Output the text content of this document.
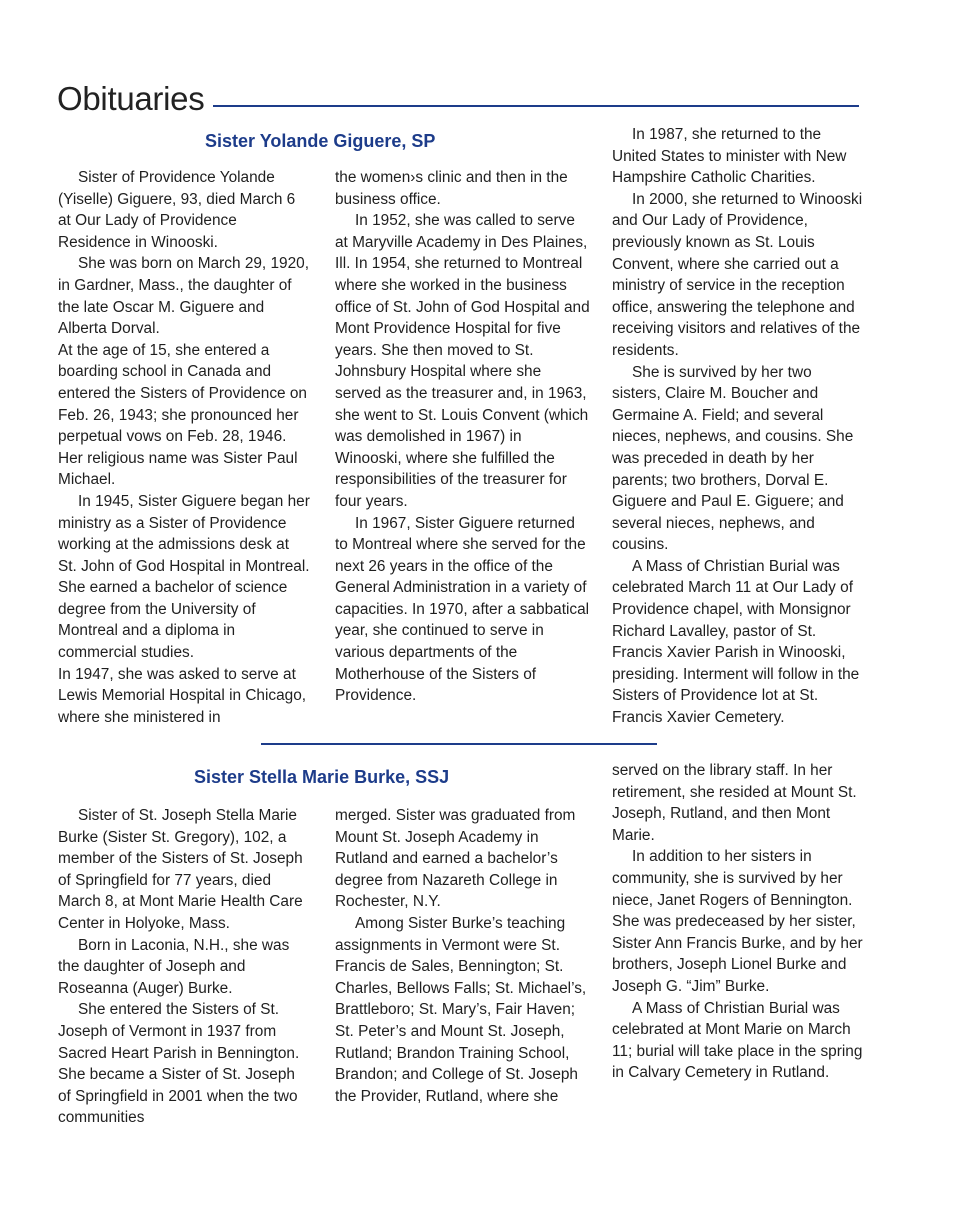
Obituaries
Sister Yolande Giguere, SP

Sister of Providence Yolande (Yiselle) Giguere, 93, died March 6 at Our Lady of Providence Residence in Winooski.

She was born on March 29, 1920, in Gardner, Mass., the daughter of the late Oscar M. Giguere and Alberta Dorval.

At the age of 15, she entered a boarding school in Canada and entered the Sisters of Providence on Feb. 26, 1943; she pronounced her perpetual vows on Feb. 28, 1946. Her religious name was Sister Paul Michael.

In 1945, Sister Giguere began her ministry as a Sister of Providence working at the admissions desk at St. John of God Hospital in Montreal. She earned a bachelor of science degree from the University of Montreal and a diploma in commercial studies.

In 1947, she was asked to serve at Lewis Memorial Hospital in Chicago, where she ministered in

the women›s clinic and then in the business office.

In 1952, she was called to serve at Maryville Academy in Des Plaines, Ill. In 1954, she returned to Montreal where she worked in the business office of St. John of God Hospital and Mont Providence Hospital for five years. She then moved to St. Johnsbury Hospital where she served as the treasurer and, in 1963, she went to St. Louis Convent (which was demolished in 1967) in Winooski, where she fulfilled the responsibilities of the treasurer for four years.

In 1967, Sister Giguere returned to Montreal where she served for the next 26 years in the office of the General Administration in a variety of capacities. In 1970, after a sabbatical year, she continued to serve in various departments of the Motherhouse of the Sisters of Providence.

In 1987, she returned to the United States to minister with New Hampshire Catholic Charities.

In 2000, she returned to Winooski and Our Lady of Providence, previously known as St. Louis Convent, where she carried out a ministry of service in the reception office, answering the telephone and receiving visitors and relatives of the residents.

She is survived by her two sisters, Claire M. Boucher and Germaine A. Field; and several nieces, nephews, and cousins. She was preceded in death by her parents; two brothers, Dorval E. Giguere and Paul E. Giguere; and several nieces, nephews, and cousins.

A Mass of Christian Burial was celebrated March 11 at Our Lady of Providence chapel, with Monsignor Richard Lavalley, pastor of St. Francis Xavier Parish in Winooski, presiding. Interment will follow in the Sisters of Providence lot at St. Francis Xavier Cemetery.

Sister Stella Marie Burke, SSJ

Sister of St. Joseph Stella Marie Burke (Sister St. Gregory), 102, a member of the Sisters of St. Joseph of Springfield for 77 years, died March 8, at Mont Marie Health Care Center in Holyoke, Mass.

Born in Laconia, N.H., she was the daughter of Joseph and Roseanna (Auger) Burke.

She entered the Sisters of St. Joseph of Vermont in 1937 from Sacred Heart Parish in Bennington. She became a Sister of St. Joseph of Springfield in 2001 when the two communities

merged. Sister was graduated from Mount St. Joseph Academy in Rutland and earned a bachelor’s degree from Nazareth College in Rochester, N.Y.

Among Sister Burke’s teaching assignments in Vermont were St. Francis de Sales, Bennington; St. Charles, Bellows Falls; St. Michael’s, Brattleboro; St. Mary’s, Fair Haven; St. Peter’s and Mount St. Joseph, Rutland; Brandon Training School, Brandon; and College of St. Joseph the Provider, Rutland, where she

served on the library staff. In her retirement, she resided at Mount St. Joseph, Rutland, and then Mont Marie.

In addition to her sisters in community, she is survived by her niece, Janet Rogers of Bennington. She was predeceased by her sister, Sister Ann Francis Burke, and by her brothers, Joseph Lionel Burke and Joseph G. “Jim” Burke.

A Mass of Christian Burial was celebrated at Mont Marie on March 11; burial will take place in the spring in Calvary Cemetery in Rutland.
